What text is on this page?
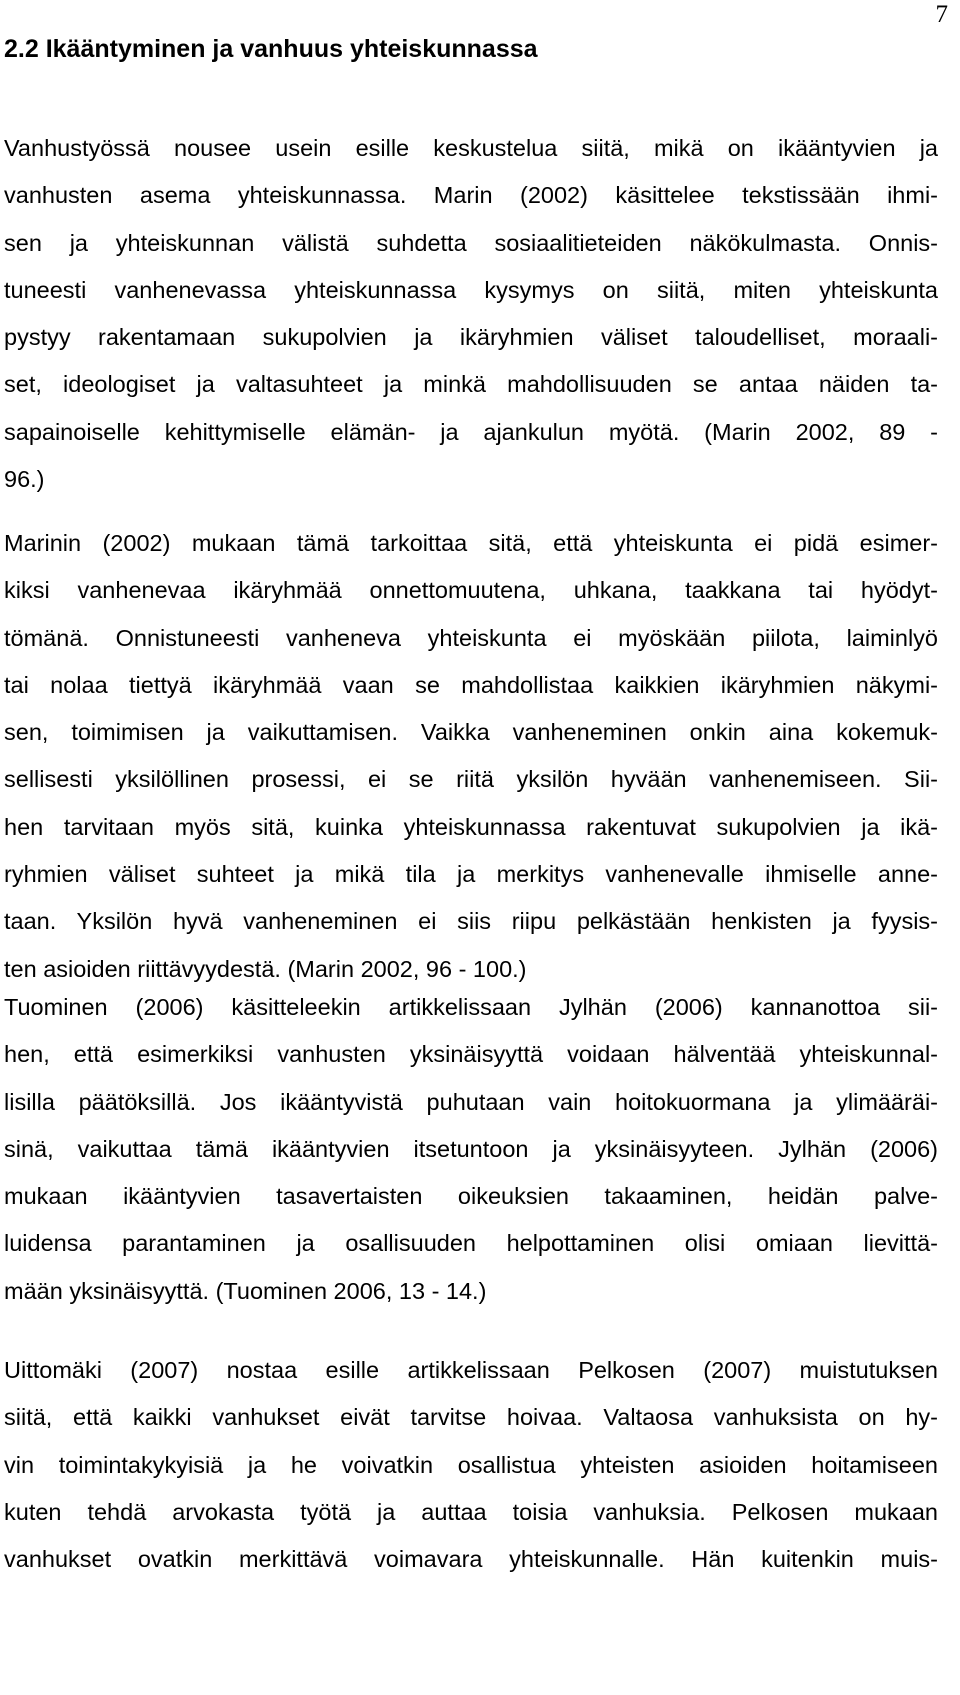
7
2.2 Ikääntyminen ja vanhuus yhteiskunnassa
Vanhustyössä nousee usein esille keskustelua siitä, mikä on ikääntyvien ja
vanhusten asema yhteiskunnassa. Marin (2002) käsittelee tekstissään ihmi-
sen ja yhteiskunnan välistä suhdetta sosiaalitieteiden näkökulmasta. Onnis-
tuneesti vanhenevassa yhteiskunnassa kysymys on siitä, miten yhteiskunta
pystyy rakentamaan sukupolvien ja ikäryhmien väliset taloudelliset, moraali-
set, ideologiset ja valtasuhteet ja minkä mahdollisuuden se antaa näiden ta-
sapainoiselle kehittymiselle elämän- ja ajankulun myötä. (Marin 2002, 89 -
96.)
Marinin (2002) mukaan tämä tarkoittaa sitä, että yhteiskunta ei pidä esimer-
kiksi vanhenevaa ikäryhmää onnettomuutena, uhkana, taakkana tai hyödyt-
tömänä. Onnistuneesti vanheneva yhteiskunta ei myöskään piilota, laiminlyö
tai nolaa tiettyä ikäryhmää vaan se mahdollistaa kaikkien ikäryhmien näkymi-
sen, toimimisen ja vaikuttamisen. Vaikka vanheneminen onkin aina kokemuk-
sellisesti yksilöllinen prosessi, ei se riitä yksilön hyvään vanhenemiseen. Sii-
hen tarvitaan myös sitä, kuinka yhteiskunnassa rakentuvat sukupolvien ja ikä-
ryhmien väliset suhteet ja mikä tila ja merkitys vanhenevalle ihmiselle anne-
taan. Yksilön hyvä vanheneminen ei siis riipu pelkästään henkisten ja fyysis-
ten asioiden riittävyydestä. (Marin 2002, 96 - 100.)
Tuominen (2006) käsitteleekin artikkelissaan Jylhän (2006) kannanottoa sii-
hen, että esimerkiksi vanhusten yksinäisyyttä voidaan hälventää yhteiskunnal-
lisilla päätöksillä. Jos ikääntyvistä puhutaan vain hoitokuormana ja ylimääräi-
sinä, vaikuttaa tämä ikääntyvien itsetuntoon ja yksinäisyyteen. Jylhän (2006)
mukaan ikääntyvien tasavertaisten oikeuksien takaaminen, heidän palve-
luidensa parantaminen ja osallisuuden helpottaminen olisi omiaan lievittä-
mään yksinäisyyttä. (Tuominen 2006, 13 - 14.)
Uittomäki (2007) nostaa esille artikkelissaan Pelkosen (2007) muistutuksen
siitä, että kaikki vanhukset eivät tarvitse hoivaa. Valtaosa vanhuksista on hy-
vin toimintakykyisiä ja he voivatkin osallistua yhteisten asioiden hoitamiseen
kuten tehdä arvokasta työtä ja auttaa toisia vanhuksia. Pelkosen mukaan
vanhukset ovatkin merkittävä voimavara yhteiskunnalle. Hän kuitenkin muis-
